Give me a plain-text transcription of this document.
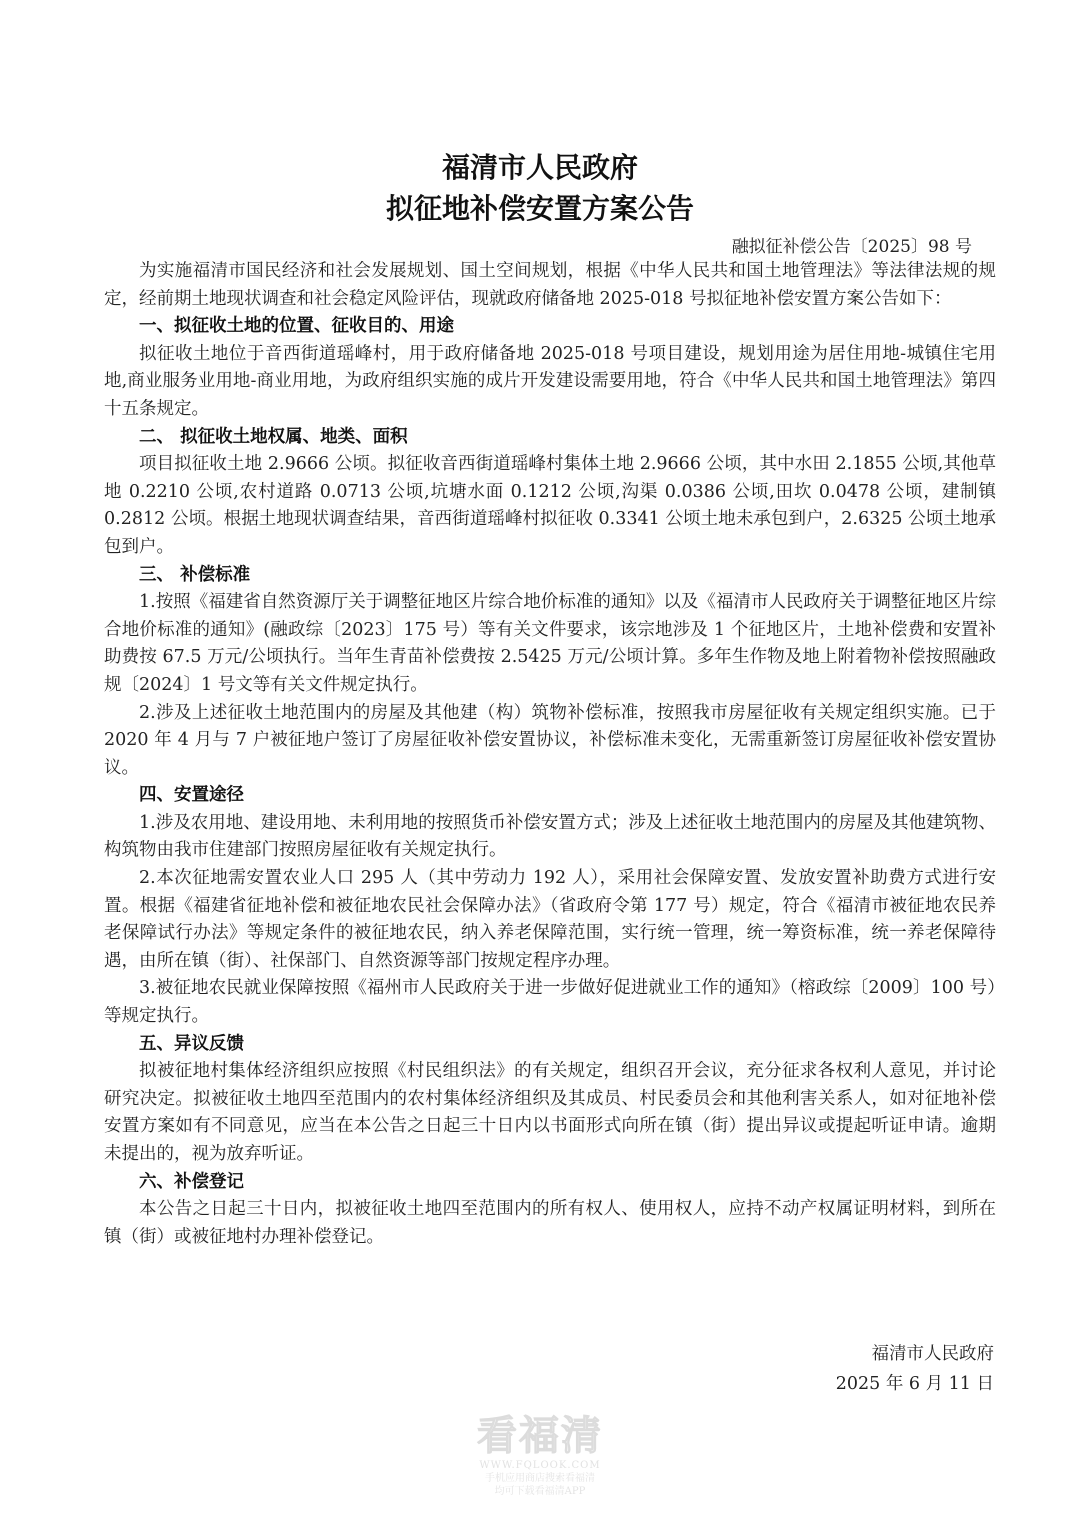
福清市人民政府
拟征地补偿安置方案公告
融拟征补偿公告〔2025〕98 号

为实施福清市国民经济和社会发展规划、国土空间规划，根据《中华人民共和国土地管理法》等法律法规的规定，经前期土地现状调查和社会稳定风险评估，现就政府储备地 2025-018 号拟征地补偿安置方案公告如下：

一、拟征收土地的位置、征收目的、用途

拟征收土地位于音西街道瑶峰村，用于政府储备地 2025-018 号项目建设，规划用途为居住用地-城镇住宅用地,商业服务业用地-商业用地，为政府组织实施的成片开发建设需要用地，符合《中华人民共和国土地管理法》第四十五条规定。

二、 拟征收土地权属、地类、面积

项目拟征收土地 2.9666 公顷。拟征收音西街道瑶峰村集体土地 2.9666 公顷，其中水田 2.1855 公顷,其他草地 0.2210 公顷,农村道路 0.0713 公顷,坑塘水面 0.1212 公顷,沟渠 0.0386 公顷,田坎 0.0478 公顷，建制镇 0.2812 公顷。根据土地现状调查结果，音西街道瑶峰村拟征收 0.3341 公顷土地未承包到户，2.6325 公顷土地承包到户。

三、 补偿标准

1.按照《福建省自然资源厅关于调整征地区片综合地价标准的通知》以及《福清市人民政府关于调整征地区片综合地价标准的通知》(融政综〔2023〕175 号）等有关文件要求，该宗地涉及 1 个征地区片，土地补偿费和安置补助费按 67.5 万元/公顷执行。当年生青苗补偿费按 2.5425 万元/公顷计算。多年生作物及地上附着物补偿按照融政规〔2024〕1 号文等有关文件规定执行。

2.涉及上述征收土地范围内的房屋及其他建（构）筑物补偿标准，按照我市房屋征收有关规定组织实施。已于 2020 年 4 月与 7 户被征地户签订了房屋征收补偿安置协议，补偿标准未变化，无需重新签订房屋征收补偿安置协议。

四、安置途径

1.涉及农用地、建设用地、未利用地的按照货币补偿安置方式；涉及上述征收土地范围内的房屋及其他建筑物、构筑物由我市住建部门按照房屋征收有关规定执行。

2.本次征地需安置农业人口 295 人（其中劳动力 192 人），采用社会保障安置、发放安置补助费方式进行安置。根据《福建省征地补偿和被征地农民社会保障办法》（省政府令第 177 号）规定，符合《福清市被征地农民养老保障试行办法》等规定条件的被征地农民，纳入养老保障范围，实行统一管理，统一筹资标准，统一养老保障待遇，由所在镇（街）、社保部门、自然资源等部门按规定程序办理。

3.被征地农民就业保障按照《福州市人民政府关于进一步做好促进就业工作的通知》（榕政综〔2009〕100 号）等规定执行。

五、异议反馈

拟被征地村集体经济组织应按照《村民组织法》的有关规定，组织召开会议，充分征求各权利人意见，并讨论研究决定。拟被征收土地四至范围内的农村集体经济组织及其成员、村民委员会和其他利害关系人，如对征地补偿安置方案如有不同意见，应当在本公告之日起三十日内以书面形式向所在镇（街）提出异议或提起听证申请。逾期未提出的，视为放弃听证。

六、补偿登记

本公告之日起三十日内，拟被征收土地四至范围内的所有权人、使用权人，应持不动产权属证明材料，到所在镇（街）或被征地村办理补偿登记。

福清市人民政府
2025 年 6 月 11 日
看福清
WWW.FQLOOK.COM
手机应用商店搜索看福清
均可下载看福清APP
